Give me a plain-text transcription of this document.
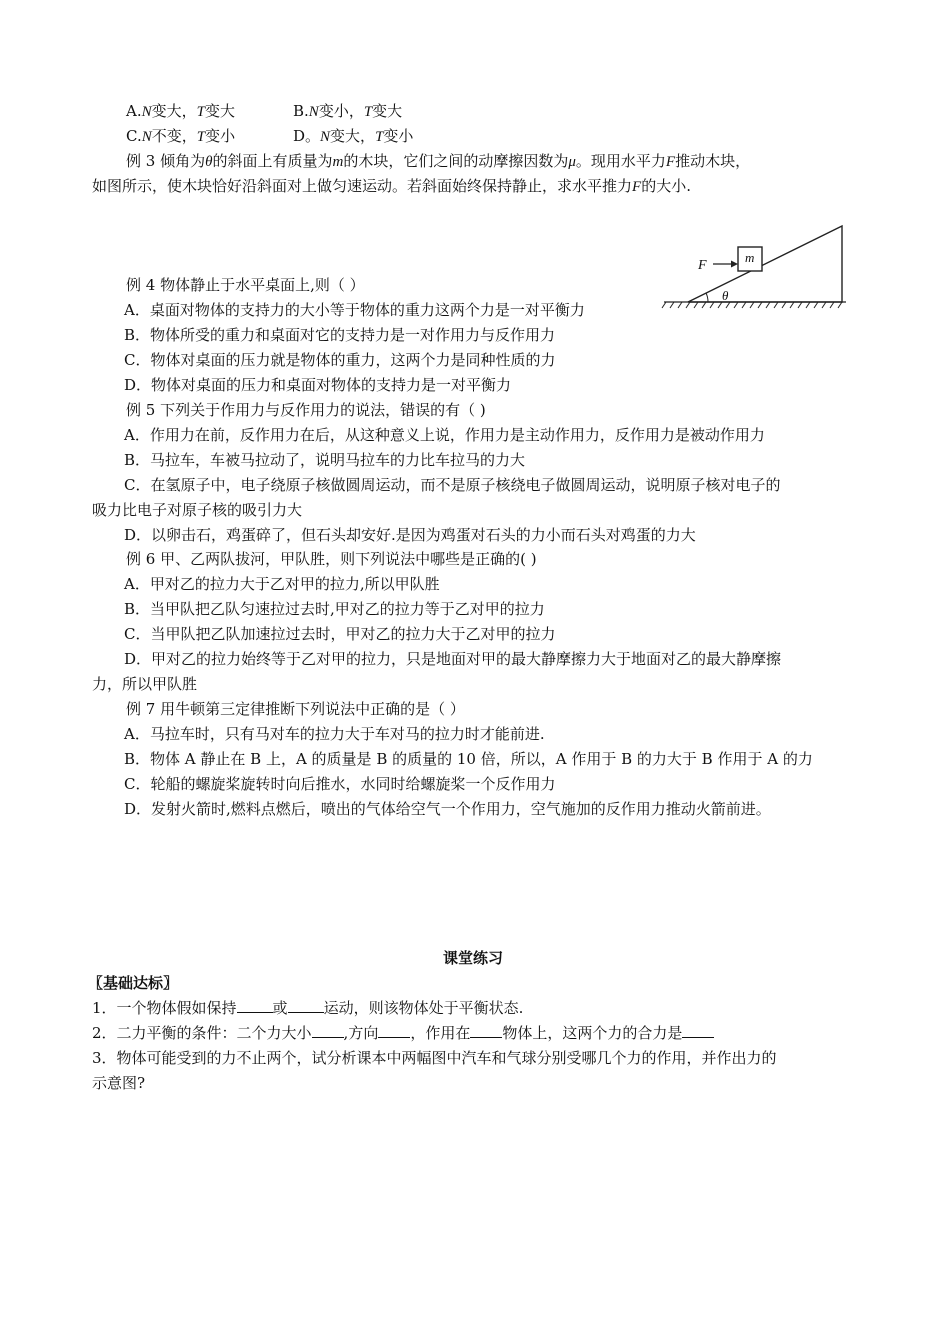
A.N变大，T变大	B.N变小，T变大
C.N不变，T变小	D。N变大，T变小
例 3 倾角为θ的斜面上有质量为m的木块，它们之间的动摩擦因数为μ。现用水平力F推动木块，
如图所示，使木块恰好沿斜面对上做匀速运动。若斜面始终保持静止，求水平推力F的大小.
θ
m
F
例 4 物体静止于水平桌面上,则（ ）
A．桌面对物体的支持力的大小等于物体的重力这两个力是一对平衡力
B．物体所受的重力和桌面对它的支持力是一对作用力与反作用力
C．物体对桌面的压力就是物体的重力，这两个力是同种性质的力
D．物体对桌面的压力和桌面对物体的支持力是一对平衡力
例 5 下列关于作用力与反作用力的说法，错误的有（ )
A．作用力在前，反作用力在后，从这种意义上说，作用力是主动作用力，反作用力是被动作用力
B．马拉车，车被马拉动了，说明马拉车的力比车拉马的力大
C．在氢原子中，电子绕原子核做圆周运动，而不是原子核绕电子做圆周运动，说明原子核对电子的
吸力比电子对原子核的吸引力大
D．以卵击石，鸡蛋碎了，但石头却安好.是因为鸡蛋对石头的力小而石头对鸡蛋的力大
例 6 甲、乙两队拔河，甲队胜，则下列说法中哪些是正确的( )
A．甲对乙的拉力大于乙对甲的拉力,所以甲队胜
B．当甲队把乙队匀速拉过去时,甲对乙的拉力等于乙对甲的拉力
C．当甲队把乙队加速拉过去时，甲对乙的拉力大于乙对甲的拉力
D．甲对乙的拉力始终等于乙对甲的拉力，只是地面对甲的最大静摩擦力大于地面对乙的最大静摩擦
力，所以甲队胜
例 7 用牛顿第三定律推断下列说法中正确的是（ ）
A．马拉车时，只有马对车的拉力大于车对马的拉力时才能前进.
B．物体 A 静止在 B 上，A 的质量是 B 的质量的 10 倍，所以，A 作用于 B 的力大于 B 作用于 A 的力
C．轮船的螺旋桨旋转时向后推水，水同时给螺旋桨一个反作用力
D．发射火箭时,燃料点燃后，喷出的气体给空气一个作用力，空气施加的反作用力推动火箭前进。
课堂练习
〖基础达标〗
1．一个物体假如保持 或 运动，则该物体处于平衡状态.
2．二力平衡的条件：二个力大小 ,方向 ，作用在 物体上，这两个力的合力是
3．物体可能受到的力不止两个，试分析课本中两幅图中汽车和气球分别受哪几个力的作用，并作出力的
示意图?
